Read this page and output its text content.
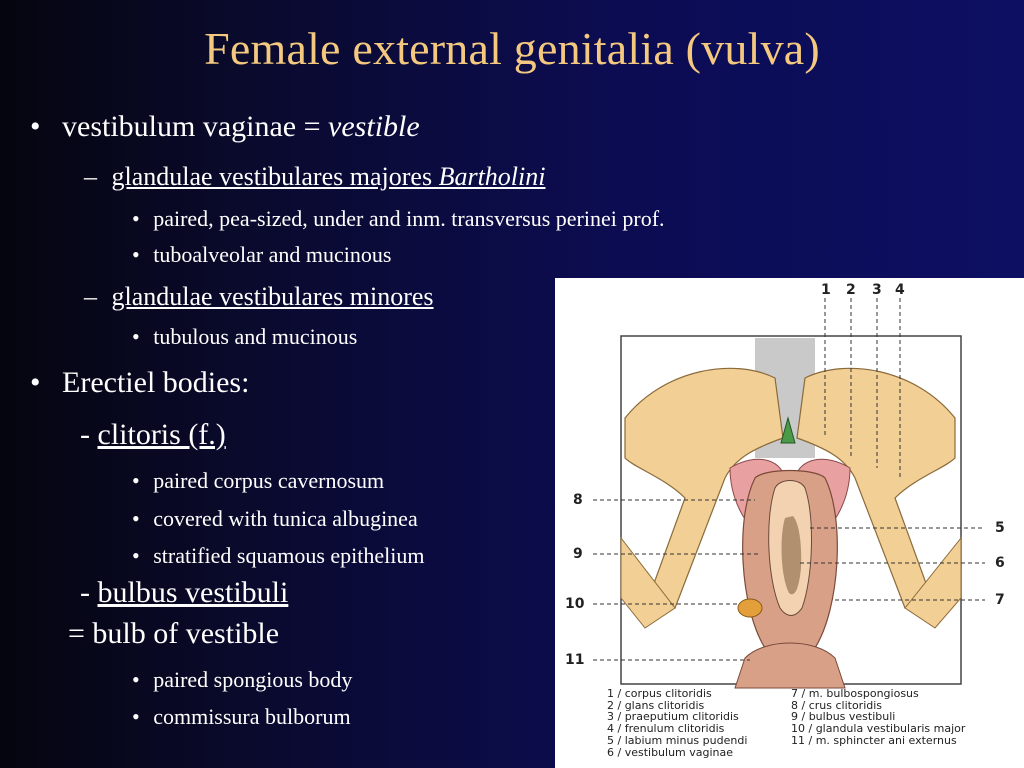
Female external genitalia (vulva)
• vestibulum vaginae = vestible
– glandulae vestibulares majores Bartholini
• paired, pea-sized, under and inm. transversus perinei prof.
• tuboalveolar and mucinous
– glandulae vestibulares minores
• tubulous and mucinous
• Erectiel bodies:
- clitoris (f.)
• paired corpus cavernosum
• covered with tunica albuginea
• stratified squamous epithelium
- bulbus vestibuli
= bulb of vestible
• paired spongious body
• commissura bulborum
1 2 3 4
5
6
7
8
9
10
11
1 / corpus clitoridis
2 / glans clitoridis
3 / praeputium clitoridis
4 / frenulum clitoridis
5 / labium minus pudendi
6 / vestibulum vaginae
7 / m. bulbospongiosus
8 / crus clitoridis
9 / bulbus vestibuli
10 / glandula vestibularis major
11 / m. sphincter ani externus
